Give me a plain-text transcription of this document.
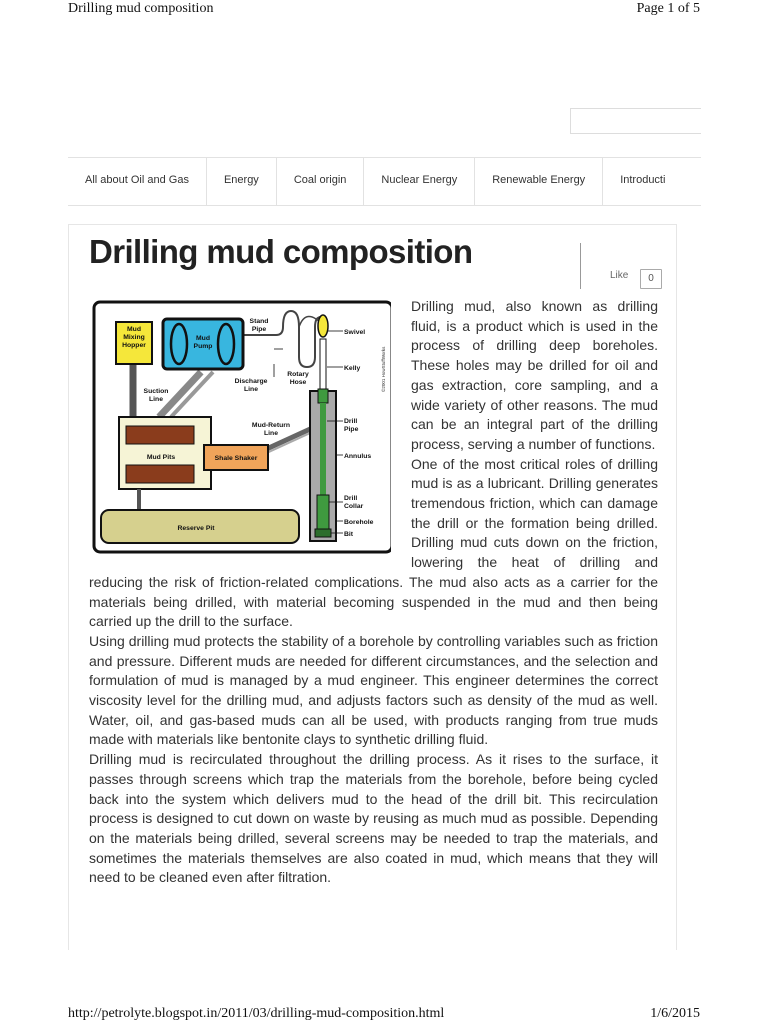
Drilling mud composition	Page 1 of 5
All about Oil and Gas	Energy	Coal origin	Nuclear Energy	Renewable Energy	Introducti
Drilling mud composition
Like	0
Mud Mixing Hopper
Mud Pump
Stand Pipe	Swivel
Kelly
Rotary Hose
Discharge Line
Suction Line
Mud-Return Line
Drill Pipe
Mud Pits	Shale Shaker	Annulus
Drill Collar
Borehole
Bit
Reserve Pit
©2001 HowStuffWorks

Drilling mud, also known as drilling fluid, is a product which is used in the process of drilling deep boreholes. These holes may be drilled for oil and gas extraction, core sampling, and a wide variety of other reasons. The mud can be an integral part of the drilling process, serving a number of functions.

One of the most critical roles of drilling mud is as a lubricant. Drilling generates tremendous friction, which can damage the drill or the formation being drilled. Drilling mud cuts down on the friction, lowering the heat of drilling and reducing the risk of friction-related complications. The mud also acts as a carrier for the materials being drilled, with material becoming suspended in the mud and then being carried up the drill to the surface.

Using drilling mud protects the stability of a borehole by controlling variables such as friction and pressure. Different muds are needed for different circumstances, and the selection and formulation of mud is managed by a mud engineer. This engineer determines the correct viscosity level for the drilling mud, and adjusts factors such as density of the mud as well. Water, oil, and gas-based muds can all be used, with products ranging from true muds made with materials like bentonite clays to synthetic drilling fluid.

Drilling mud is recirculated throughout the drilling process. As it rises to the surface, it passes through screens which trap the materials from the borehole, before being cycled back into the system which delivers mud to the head of the drill bit. This recirculation process is designed to cut down on waste by reusing as much mud as possible. Depending on the materials being drilled, several screens may be needed to trap the materials, and sometimes the materials themselves are also coated in mud, which means that they will need to be cleaned even after filtration.

http://petrolyte.blogspot.in/2011/03/drilling-mud-composition.html	1/6/2015
